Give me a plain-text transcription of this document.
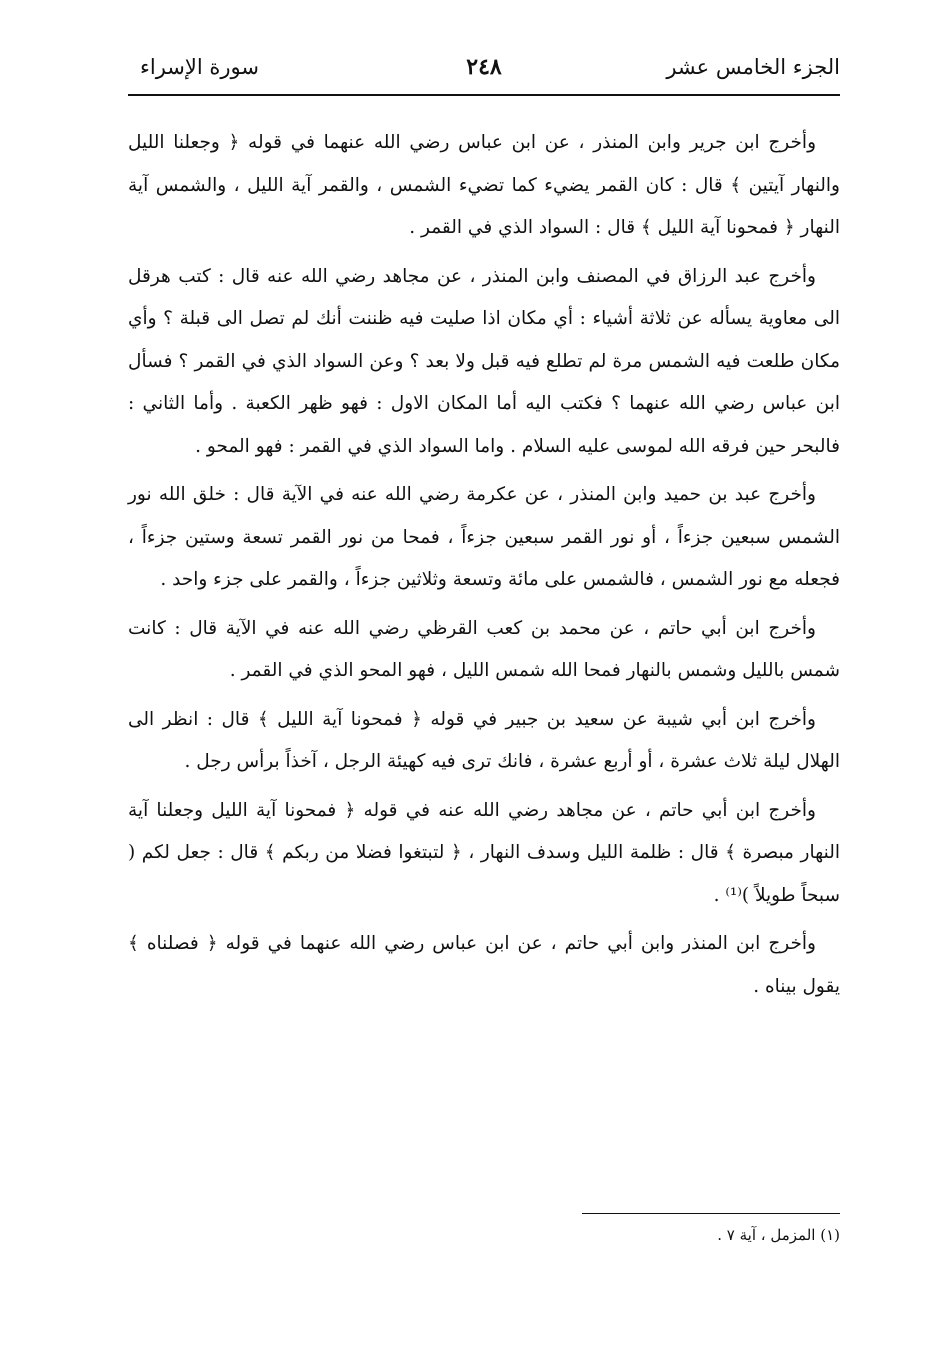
الجزء الخامس عشر
٢٤٨
سورة الإسراء

وأخرج ابن جرير وابن المنذر ، عن ابن عباس رضي الله عنهما في قوله ﴿ وجعلنا الليل والنهار آيتين ﴾ قال : كان القمر يضيء كما تضيء الشمس ، والقمر آية الليل ، والشمس آية النهار ﴿ فمحونا آية الليل ﴾ قال : السواد الذي في القمر .

وأخرج عبد الرزاق في المصنف وابن المنذر ، عن مجاهد رضي الله عنه قال : كتب هرقل الى معاوية يسأله عن ثلاثة أشياء : أي مكان اذا صليت فيه ظننت أنك لم تصل الى قبلة ؟ وأي مكان طلعت فيه الشمس مرة لم تطلع فيه قبل ولا بعد ؟ وعن السواد الذي في القمر ؟ فسأل ابن عباس رضي الله عنهما ؟ فكتب اليه أما المكان الاول : فهو ظهر الكعبة . وأما الثاني : فالبحر حين فرقه الله لموسى عليه السلام . واما السواد الذي في القمر : فهو المحو .

وأخرج عبد بن حميد وابن المنذر ، عن عكرمة رضي الله عنه في الآية قال : خلق الله نور الشمس سبعين جزءاً ، أو نور القمر سبعين جزءاً ، فمحا من نور القمر تسعة وستين جزءاً ، فجعله مع نور الشمس ، فالشمس على مائة وتسعة وثلاثين جزءاً ، والقمر على جزء واحد .

وأخرج ابن أبي حاتم ، عن محمد بن كعب القرظي رضي الله عنه في الآية قال : كانت شمس بالليل وشمس بالنهار فمحا الله شمس الليل ، فهو المحو الذي في القمر .

وأخرج ابن أبي شيبة عن سعيد بن جبير في قوله ﴿ فمحونا آية الليل ﴾ قال : انظر الى الهلال ليلة ثلاث عشرة ، أو أربع عشرة ، فانك ترى فيه كهيئة الرجل ، آخذاً برأس رجل .

وأخرج ابن أبي حاتم ، عن مجاهد رضي الله عنه في قوله ﴿ فمحونا آية الليل وجعلنا آية النهار مبصرة ﴾ قال : ظلمة الليل وسدف النهار ، ﴿ لتبتغوا فضلا من ربكم ﴾ قال : جعل لكم ( سبحاً طويلاً )⁽¹⁾ .

وأخرج ابن المنذر وابن أبي حاتم ، عن ابن عباس رضي الله عنهما في قوله ﴿ فصلناه ﴾ يقول بيناه .

(١) المزمل ، آية ٧ .
